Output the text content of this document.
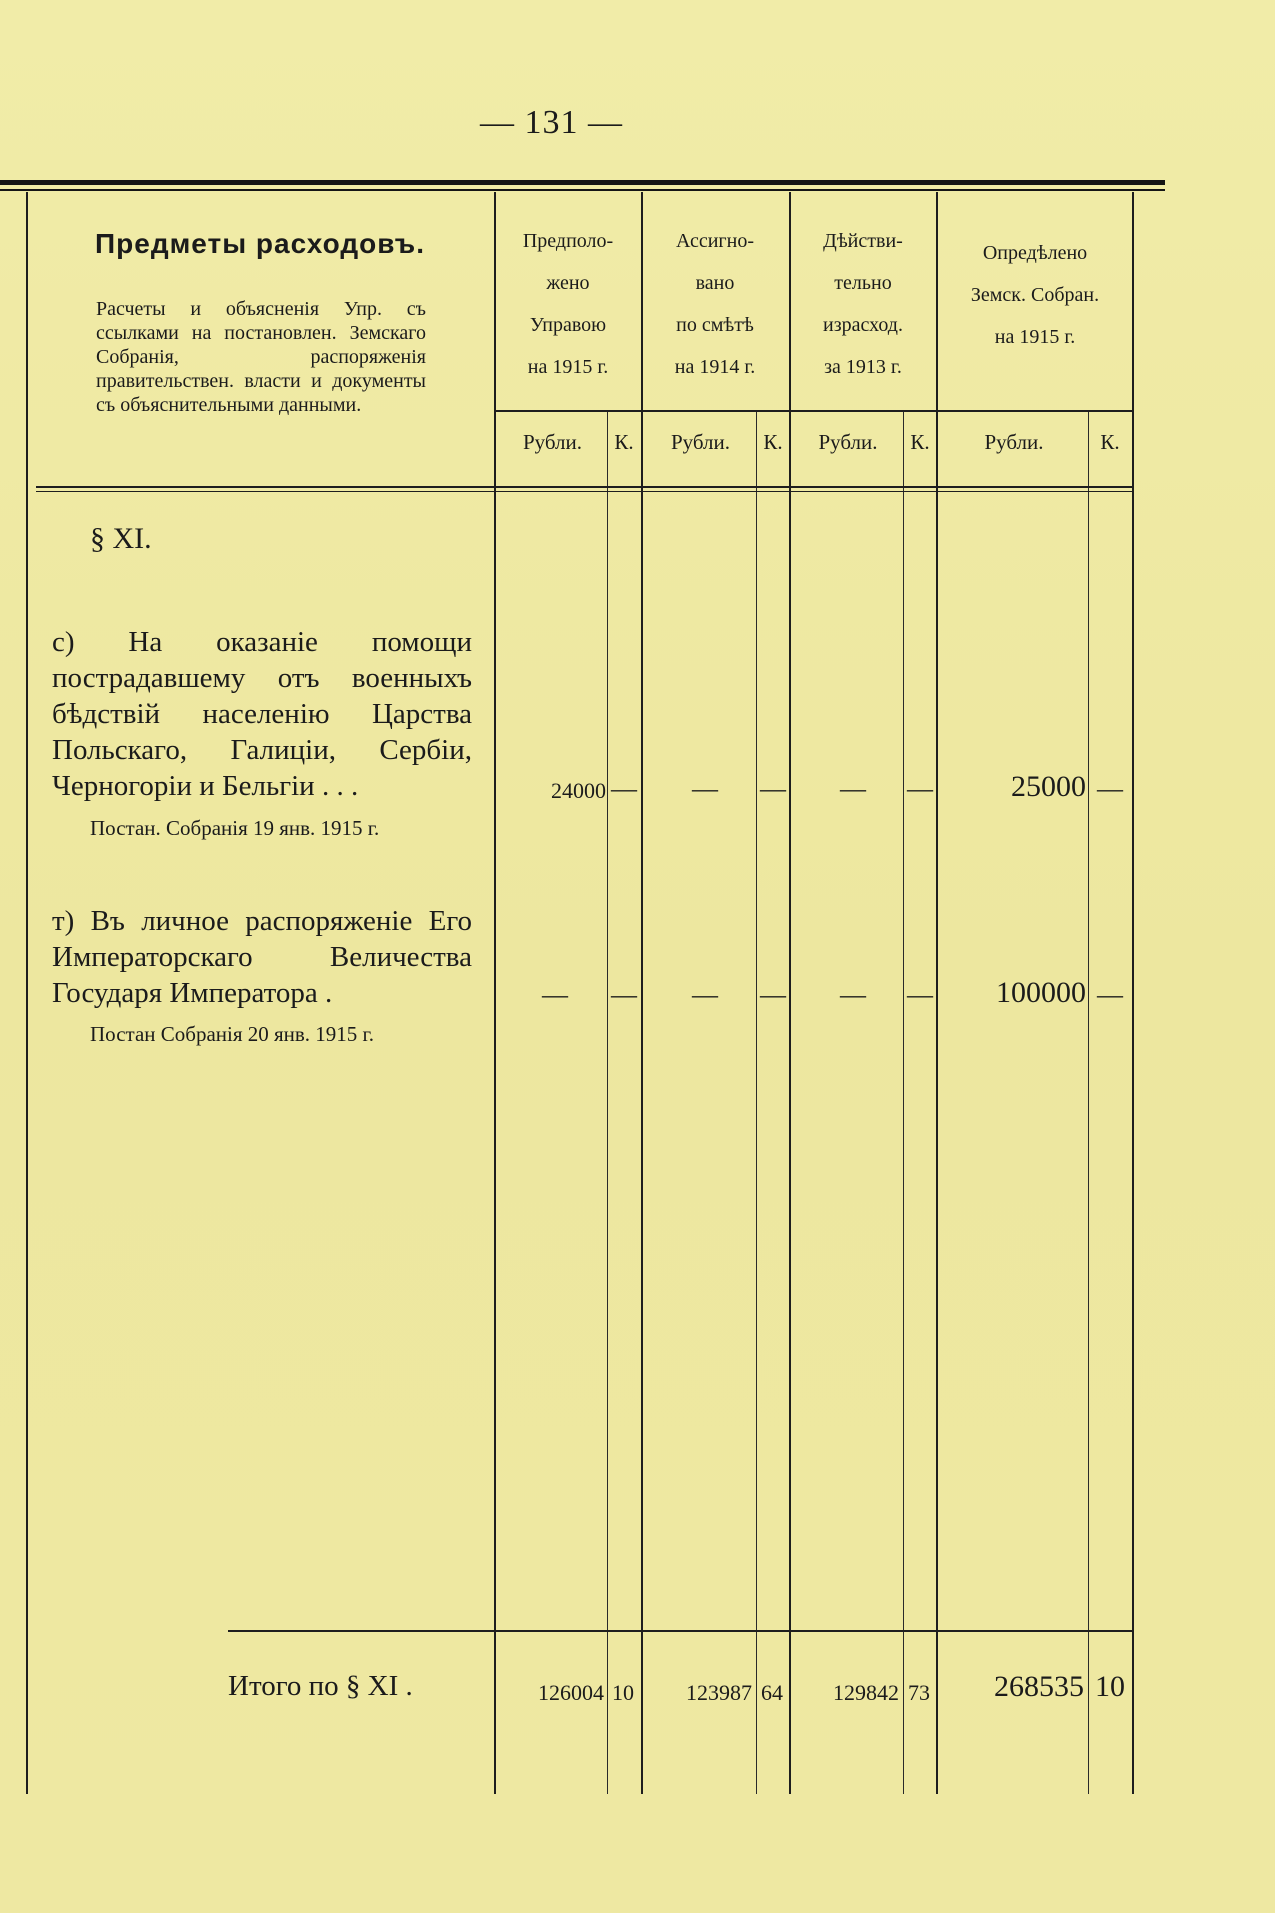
— 131 —
Предметы расходовъ.
Расчеты и объясненія Упр. съ ссылками на постановлен. Земскаго Собранія, распоряженія правительствен. власти и документы съ объяснительными данными.
Предполо-
жено
Управою
на 1915 г.
Ассигно-
вано
по смѣтѣ
на 1914 г.
Дѣйстви-
тельно
израсход.
за 1913 г.
Опредѣлено
Земск. Собран.
на 1915 г.
Рубли.	К.	Рубли.	К.	Рубли.	К.	Рубли.	К.
§ XI.
с) На оказаніе помощи пострадавшему отъ военныхъ бѣдствій населенію Царства Польскаго, Галиціи, Сербіи, Черногоріи и Бельгіи . . .
Постан. Собранія 19 янв. 1915 г.
24000 —	—	—	—	—	25000 —
т) Въ личное распоряженіе Его Императорскаго Величества Государя Императора .
Постан Собранія 20 янв. 1915 г.
—	—	—	—	—	—	100000 —
Итого по § XI .	126004 10	123987 64	129842 73	268535 10
